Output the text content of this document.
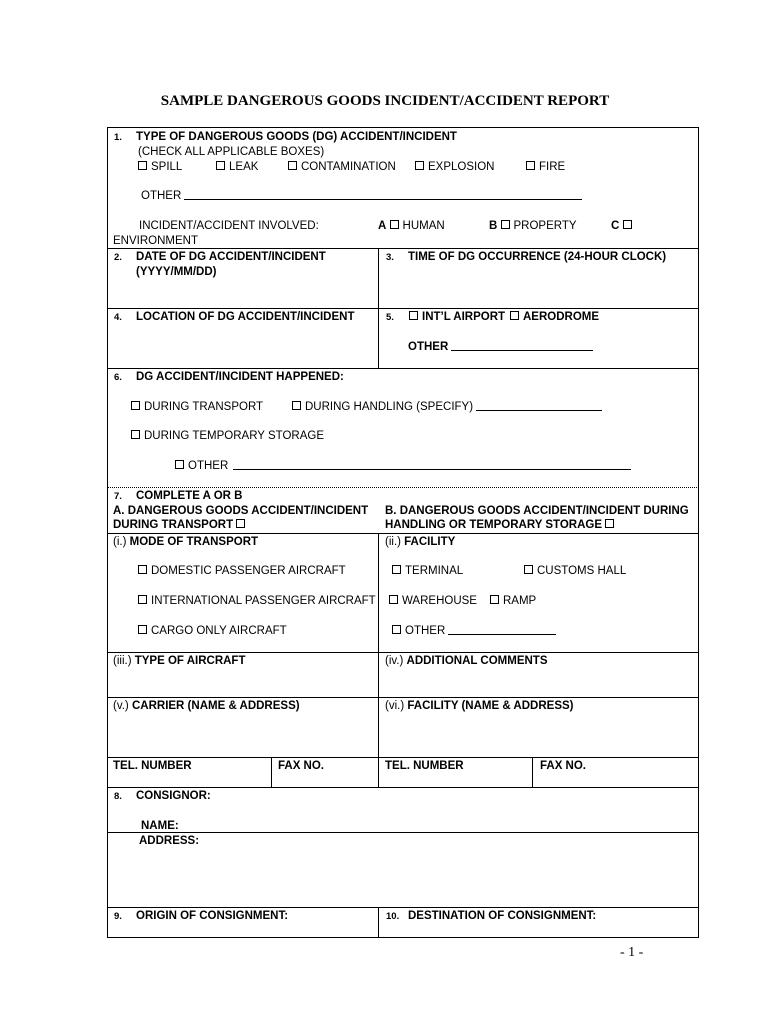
SAMPLE DANGEROUS GOODS INCIDENT/ACCIDENT REPORT
1. TYPE OF DANGEROUS GOODS (DG) ACCIDENT/INCIDENT
(CHECK ALL APPLICABLE BOXES)
SPILL	LEAK	CONTAMINATION	EXPLOSION	FIRE
OTHER
INCIDENT/ACCIDENT INVOLVED:	A HUMAN	B PROPERTY	C
ENVIRONMENT
2. DATE OF DG ACCIDENT/INCIDENT
(YYYY/MM/DD)
3. TIME OF DG OCCURRENCE (24-HOUR CLOCK)
4. LOCATION OF DG ACCIDENT/INCIDENT	5.	INT’L AIRPORT	AERODROME
OTHER
6. DG ACCIDENT/INCIDENT HAPPENED:
DURING TRANSPORT	DURING HANDLING (SPECIFY)
DURING TEMPORARY STORAGE
OTHER
7. COMPLETE A OR B
A. DANGEROUS GOODS ACCIDENT/INCIDENT
DURING TRANSPORT
B. DANGEROUS GOODS ACCIDENT/INCIDENT DURING
HANDLING OR TEMPORARY STORAGE
(i.) MODE OF TRANSPORT	(ii.) FACILITY
DOMESTIC PASSENGER AIRCRAFT
INTERNATIONAL PASSENGER AIRCRAFT
CARGO ONLY AIRCRAFT
TERMINAL	CUSTOMS HALL
WAREHOUSE	RAMP
OTHER
(iii.) TYPE OF AIRCRAFT	(iv.) ADDITIONAL COMMENTS
(v.) CARRIER (NAME & ADDRESS)	(vi.) FACILITY (NAME & ADDRESS)
TEL. NUMBER	FAX NO.	TEL. NUMBER	FAX NO.
8. CONSIGNOR:
NAME:
ADDRESS:
9. ORIGIN OF CONSIGNMENT:	10. DESTINATION OF CONSIGNMENT:
- 1 -
